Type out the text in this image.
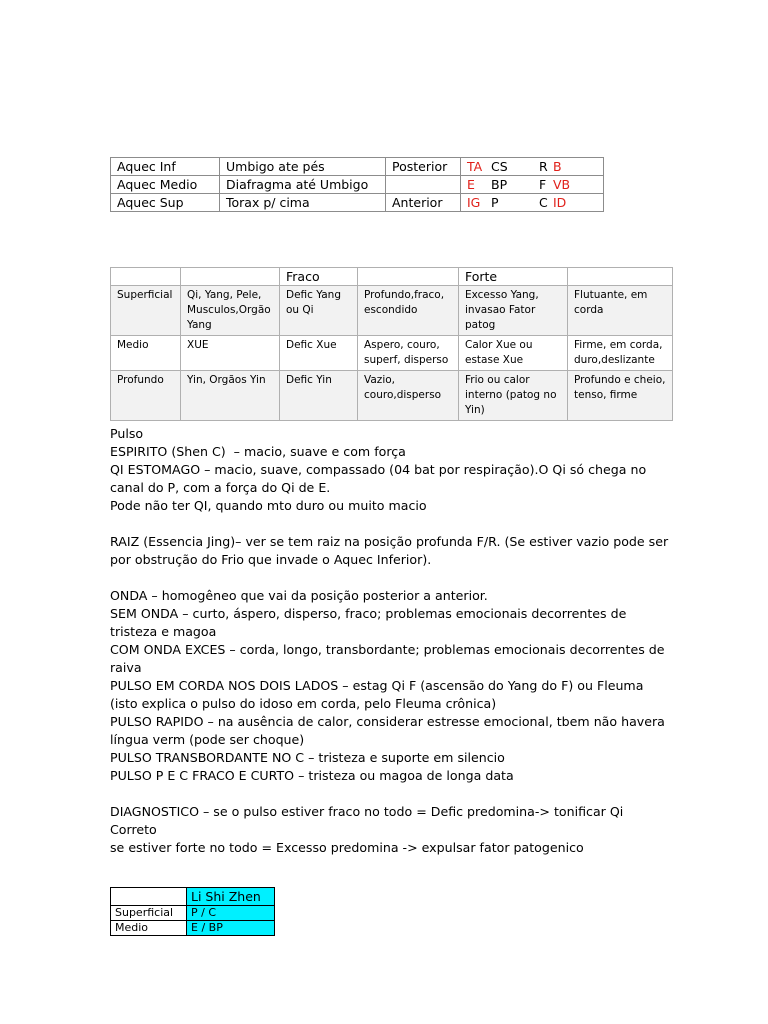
Aquec Inf	Umbigo ate pés	Posterior	TA CS R B
Aquec Medio	Diafragma até Umbigo		E BP F VB
Aquec Sup	Torax p/ cima	Anterior	IG P C ID
		Fraco		Forte	
Superficial	Qi, Yang, Pele, Musculos,Orgão Yang	Defic Yang ou Qi	Profundo,fraco, escondido	Excesso Yang, invasao Fator patog	Flutuante, em corda
Medio	XUE	Defic Xue	Aspero, couro, superf, disperso	Calor Xue ou estase Xue	Firme, em corda, duro,deslizante
Profundo	Yin, Orgãos Yin	Defic Yin	Vazio, couro,disperso	Frio ou calor interno (patog no Yin)	Profundo e cheio, tenso, firme

Pulso

ESPIRITO (Shen C)  – macio, suave e com força

QI ESTOMAGO – macio, suave, compassado (04 bat por respiração).O Qi só chega no canal do P, com a força do Qi de E.

Pode não ter QI, quando mto duro ou muito macio

RAIZ (Essencia Jing)– ver se tem raiz na posição profunda F/R. (Se estiver vazio pode ser por obstrução do Frio que invade o Aquec Inferior).

ONDA – homogêneo que vai da posição posterior a anterior.

SEM ONDA – curto, áspero, disperso, fraco; problemas emocionais decorrentes de tristeza e magoa

COM ONDA EXCES – corda, longo, transbordante; problemas emocionais decorrentes de raiva

PULSO EM CORDA NOS DOIS LADOS – estag Qi F (ascensão do Yang do F) ou Fleuma (isto explica o pulso do idoso em corda, pelo Fleuma crônica)

PULSO RAPIDO – na ausência de calor, considerar estresse emocional, tbem não havera língua verm (pode ser choque)

PULSO TRANSBORDANTE NO C – tristeza e suporte em silencio

PULSO P E C FRACO E CURTO – tristeza ou magoa de longa data

DIAGNOSTICO – se o pulso estiver fraco no todo = Defic predomina-> tonificar Qi Correto

se estiver forte no todo = Excesso predomina -> expulsar fator patogenico

	Li Shi Zhen
Superficial	P / C
Medio	E / BP
